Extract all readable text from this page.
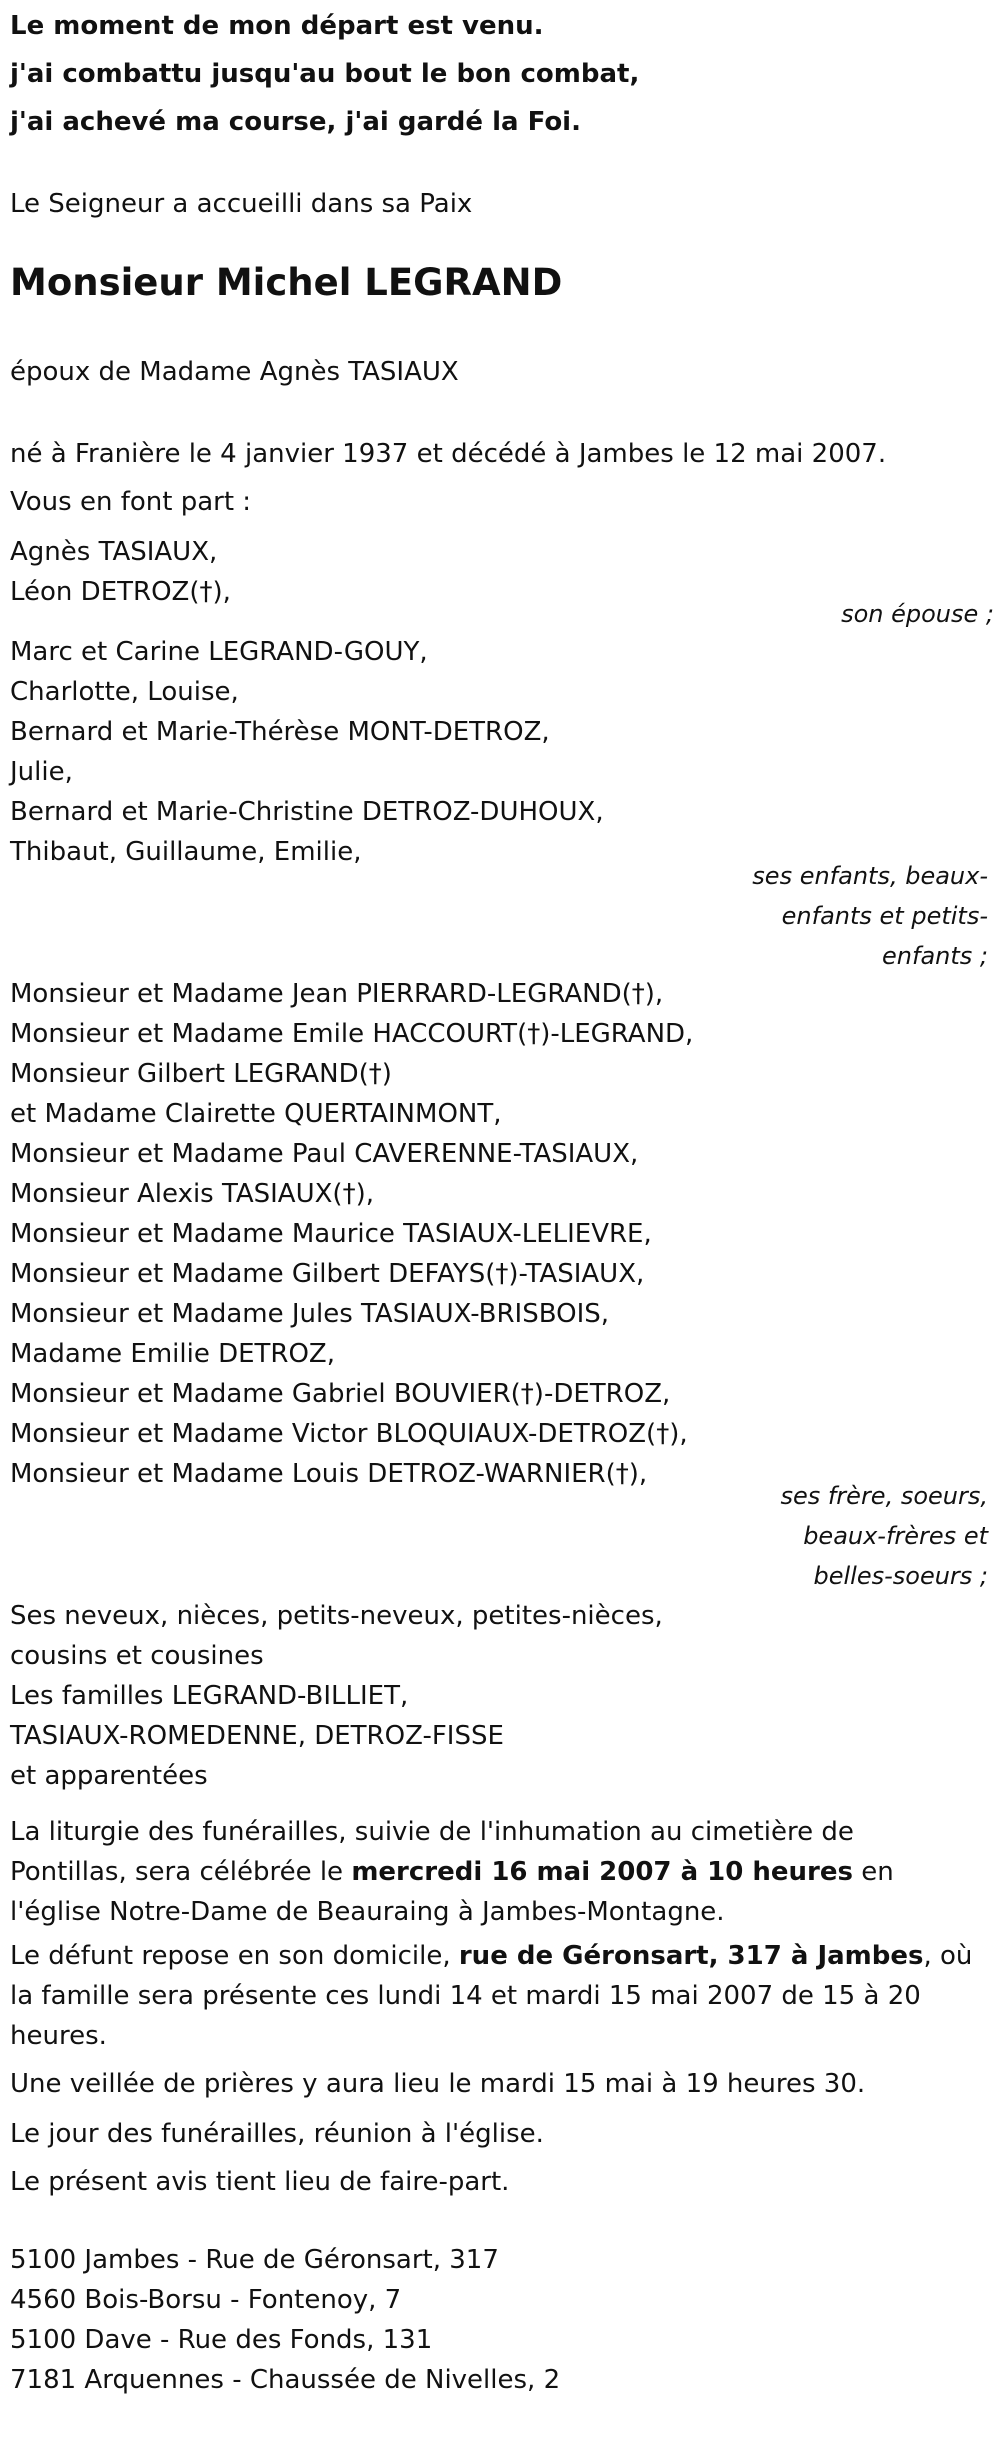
Le moment de mon départ est venu.
j'ai combattu jusqu'au bout le bon combat,
j'ai achevé ma course, j'ai gardé la Foi.
Le Seigneur a accueilli dans sa Paix
Monsieur Michel LEGRAND
époux de Madame Agnès TASIAUX
né à Franière le 4 janvier 1937 et décédé à Jambes le 12 mai 2007.
Vous en font part :
Agnès TASIAUX,
Léon DETROZ(†),
son épouse ;
Marc et Carine LEGRAND-GOUY,
Charlotte, Louise,
Bernard et Marie-Thérèse MONT-DETROZ,
Julie,
Bernard et Marie-Christine DETROZ-DUHOUX,
Thibaut, Guillaume, Emilie,
ses enfants, beaux-
enfants et petits-
enfants ;
Monsieur et Madame Jean PIERRARD-LEGRAND(†),
Monsieur et Madame Emile HACCOURT(†)-LEGRAND,
Monsieur Gilbert LEGRAND(†)
et Madame Clairette QUERTAINMONT,
Monsieur et Madame Paul CAVERENNE-TASIAUX,
Monsieur Alexis TASIAUX(†),
Monsieur et Madame Maurice TASIAUX-LELIEVRE,
Monsieur et Madame Gilbert DEFAYS(†)-TASIAUX,
Monsieur et Madame Jules TASIAUX-BRISBOIS,
Madame Emilie DETROZ,
Monsieur et Madame Gabriel BOUVIER(†)-DETROZ,
Monsieur et Madame Victor BLOQUIAUX-DETROZ(†),
Monsieur et Madame Louis DETROZ-WARNIER(†),
ses frère, soeurs,
beaux-frères et
belles-soeurs ;
Ses neveux, nièces, petits-neveux, petites-nièces,
cousins et cousines
Les familles LEGRAND-BILLIET,
TASIAUX-ROMEDENNE, DETROZ-FISSE
et apparentées
La liturgie des funérailles, suivie de l'inhumation au cimetière de Pontillas, sera célébrée le mercredi 16 mai 2007 à 10 heures en l'église Notre-Dame de Beauraing à Jambes-Montagne.
Le défunt repose en son domicile, rue de Géronsart, 317 à Jambes, où la famille sera présente ces lundi 14 et mardi 15 mai 2007 de 15 à 20 heures.
Une veillée de prières y aura lieu le mardi 15 mai à 19 heures 30.
Le jour des funérailles, réunion à l'église.
Le présent avis tient lieu de faire-part.
5100 Jambes - Rue de Géronsart, 317
4560 Bois-Borsu - Fontenoy, 7
5100 Dave - Rue des Fonds, 131
7181 Arquennes - Chaussée de Nivelles, 2
